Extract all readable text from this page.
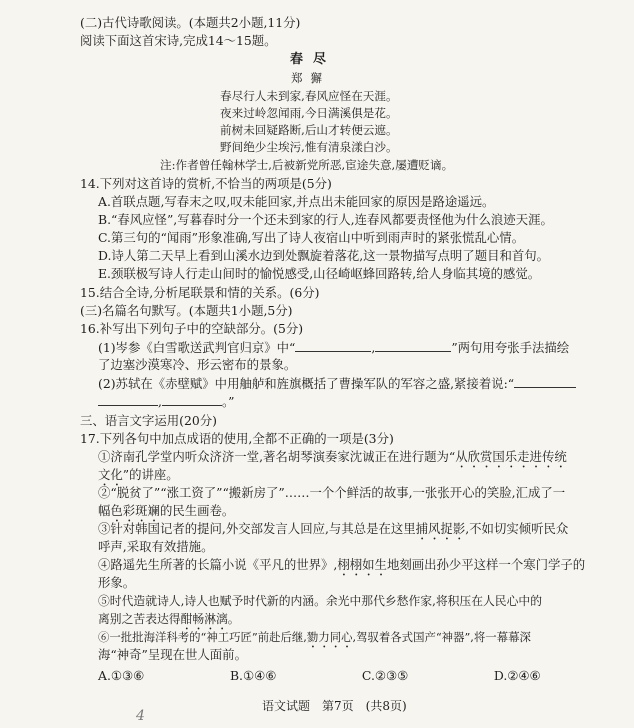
(二)古代诗歌阅读。(本题共2小题,11分)
阅读下面这首宋诗,完成14～15题。
春尽
郑獬
春尽行人未到家,春风应怪在天涯。
夜来过岭忽闻雨,今日满溪俱是花。
前树未回疑路断,后山才转便云遮。
野间绝少尘埃污,惟有清泉漾白沙。
注:作者曾任翰林学士,后被新党所恶,宦途失意,屡遭贬谪。
14.下列对这首诗的赏析,不恰当的两项是(5分)
A.首联点题,写春末之叹,叹未能回家,并点出未能回家的原因是路途遥远。
B.“春风应怪”,写暮春时分一个还未到家的行人,连春风都要责怪他为什么浪迹天涯。
C.第三句的“闻雨”形象准确,写出了诗人夜宿山中听到雨声时的紧张慌乱心情。
D.诗人第二天早上看到山溪水边到处飘旋着落花,这一景物描写点明了题目和首句。
E.颈联极写诗人行走山间时的愉悦感受,山径崎岖蜂回路转,给人身临其境的感觉。
15.结合全诗,分析尾联景和情的关系。(6分)
(三)名篇名句默写。(本题共1小题,5分)
16.补写出下列句子中的空缺部分。(5分)
(1)岑参《白雪歌送武判官归京》中“	,	”两句用夸张手法描绘
了边塞沙漠寒冷、形云密布的景象。
(2)苏轼在《赤壁赋》中用舳舻和旌旗概括了曹操军队的军容之盛,紧接着说:“
,	。”
三、语言文字运用(20分)
17.下列各句中加点成语的使用,全都不正确的一项是(3分)
①济南孔学堂内听众济济一堂,著名胡琴演奏家沈诚正在进行题为“从欣赏国乐走进传统
文化”的讲座。
②“脱贫了”“涨工资了”“搬新房了”……一个个鲜活的故事,一张张开心的笑脸,汇成了一
幅色彩斑斓的民生画卷。
③针对韩国记者的提问,外交部发言人回应,与其总是在这里捕风捉影,不如切实倾听民众
呼声,采取有效措施。
④路遥先生所著的长篇小说《平凡的世界》,栩栩如生地刻画出孙少平这样一个寒门学子的
形象。
⑤时代造就诗人,诗人也赋予时代新的内涵。余光中那代乡愁作家,将积压在人民心中的
离别之苦表达得酣畅淋漓。
⑥一批批海洋科考的“神工巧匠”前赴后继,勠力同心,驾驭着各式国产“神器”,将一幕幕深
海“神奇”呈现在世人面前。
A.①③⑥	B.①④⑥	C.②③⑤	D.②④⑥
语文试题　第7页　(共8页)
4
